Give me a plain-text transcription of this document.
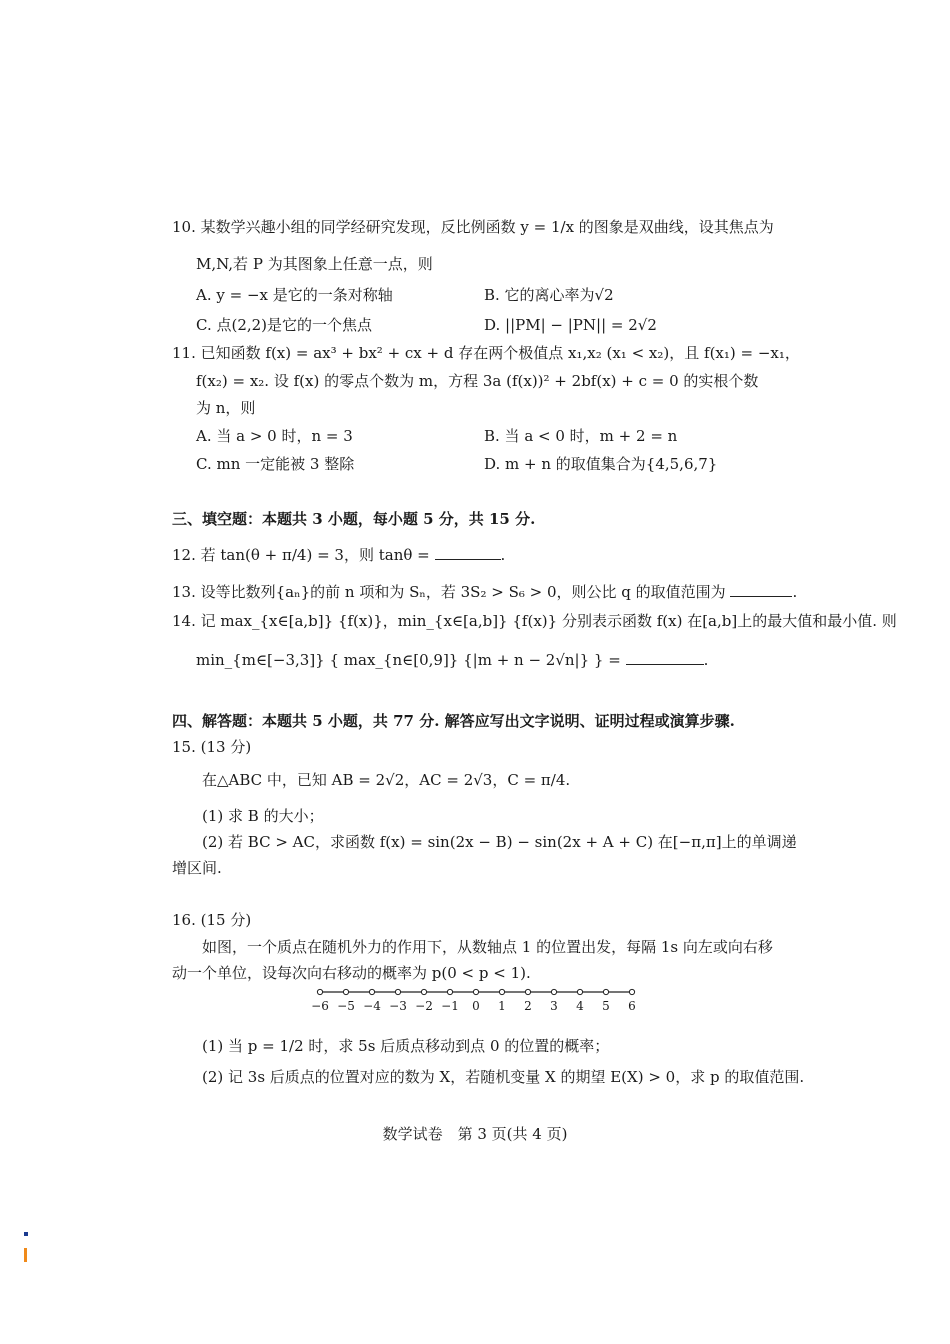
10. 某数学兴趣小组的同学经研究发现，反比例函数 y = 1/x 的图象是双曲线，设其焦点为
M,N,若 P 为其图象上任意一点，则
A. y = −x 是它的一条对称轴	B. 它的离心率为√2
C. 点(2,2)是它的一个焦点	D. ||PM| − |PN|| = 2√2
11. 已知函数 f(x) = ax³ + bx² + cx + d 存在两个极值点 x₁,x₂ (x₁ < x₂)，且 f(x₁) = −x₁，
f(x₂) = x₂. 设 f(x) 的零点个数为 m，方程 3a (f(x))² + 2bf(x) + c = 0 的实根个数
为 n，则
A. 当 a > 0 时，n = 3	B. 当 a < 0 时，m + 2 = n
C. mn 一定能被 3 整除	D. m + n 的取值集合为{4,5,6,7}
三、填空题：本题共 3 小题，每小题 5 分，共 15 分.
12. 若 tan(θ + π/4) = 3，则 tanθ =	.
13. 设等比数列{aₙ}的前 n 项和为 Sₙ，若 3S₂ > S₆ > 0，则公比 q 的取值范围为	.
14. 记 max_{x∈[a,b]} {f(x)}，min_{x∈[a,b]} {f(x)} 分别表示函数 f(x) 在[a,b]上的最大值和最小值. 则
min_{m∈[−3,3]} { max_{n∈[0,9]} {|m + n − 2√n|} } =	.
四、解答题：本题共 5 小题，共 77 分. 解答应写出文字说明、证明过程或演算步骤.
15. (13 分)
在△ABC 中，已知 AB = 2√2，AC = 2√3，C = π/4.
(1) 求 B 的大小；
(2) 若 BC > AC，求函数 f(x) = sin(2x − B) − sin(2x + A + C) 在[−π,π]上的单调递
增区间.
16. (15 分)
如图，一个质点在随机外力的作用下，从数轴点 1 的位置出发，每隔 1s 向左或向右移
动一个单位，设每次向右移动的概率为 p(0 < p < 1).
−6 −5 −4 −3 −2 −1	0	1	2	3	4	5	6
(1) 当 p = 1/2 时，求 5s 后质点移动到点 0 的位置的概率；
(2) 记 3s 后质点的位置对应的数为 X，若随机变量 X 的期望 E(X) > 0，求 p 的取值范围.
数学试卷　第 3 页(共 4 页)
